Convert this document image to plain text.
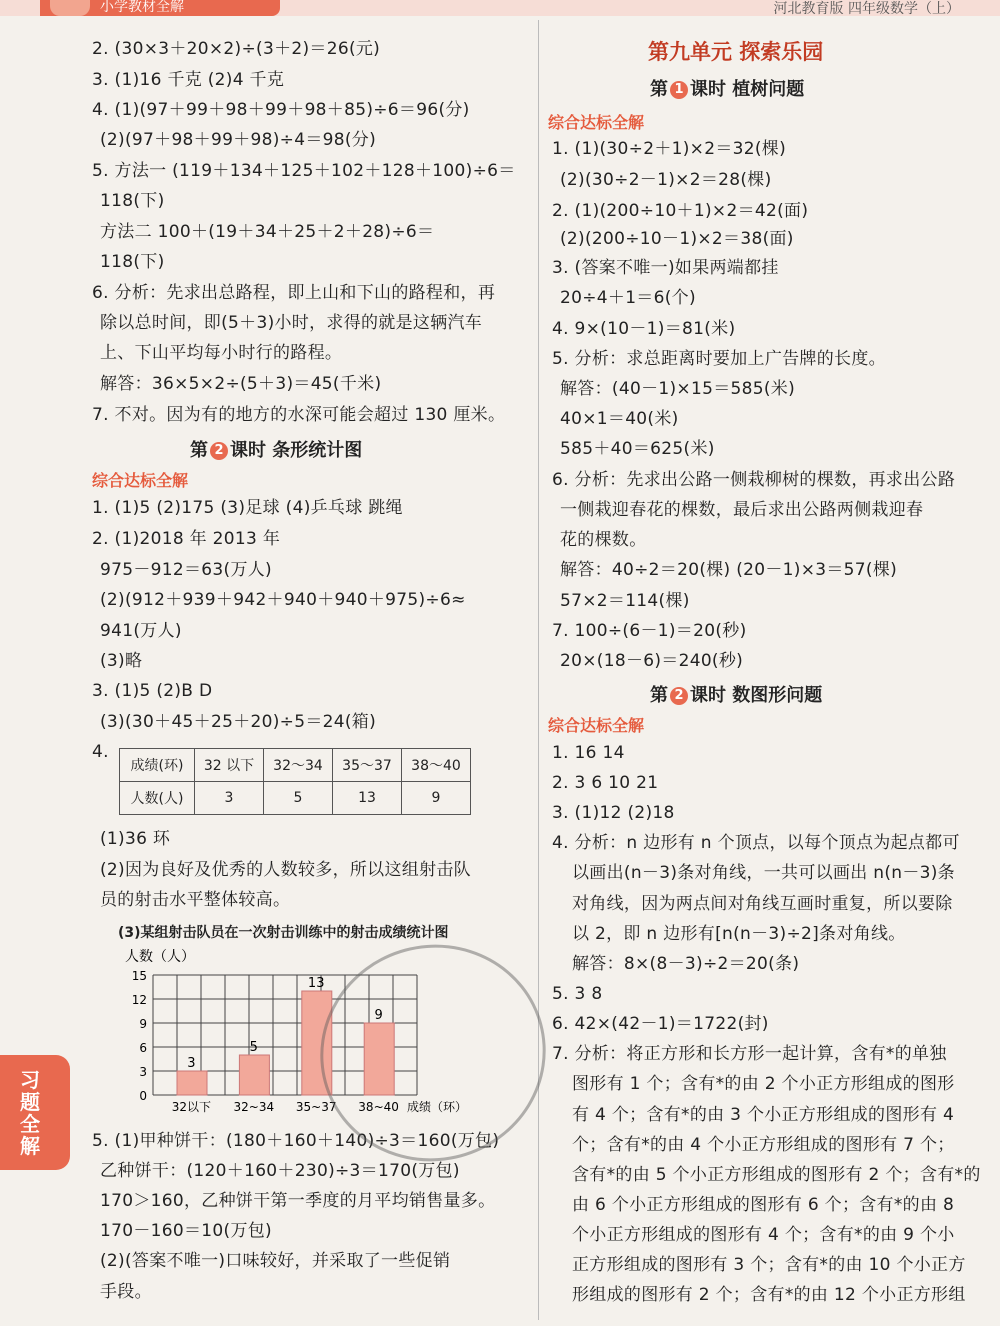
小学教材全解	河北教育版 四年级数学（上）
习题全解
2. (30×3＋20×2)÷(3＋2)＝26(元)
3. (1)16 千克 (2)4 千克
4. (1)(97＋99＋98＋99＋98＋85)÷6＝96(分)
(2)(97＋98＋99＋98)÷4＝98(分)
5. 方法一 (119＋134＋125＋102＋128＋100)÷6＝
118(下)
方法二 100＋(19＋34＋25＋2＋28)÷6＝
118(下)
6. 分析：先求出总路程，即上山和下山的路程和，再
除以总时间，即(5＋3)小时，求得的就是这辆汽车
上、下山平均每小时行的路程。
解答：36×5×2÷(5＋3)＝45(千米)
7. 不对。因为有的地方的水深可能会超过 130 厘米。
第 2 课时 条形统计图
综合达标全解
1. (1)5 (2)175 (3)足球 (4)乒乓球 跳绳
2. (1)2018 年 2013 年
975－912＝63(万人)
(2)(912＋939＋942＋940＋940＋975)÷6≈
941(万人)
(3)略
3. (1)5 (2)B D
(3)(30＋45＋25＋20)÷5＝24(箱)
4.
(1)36 环
(2)因为良好及优秀的人数较多，所以这组射击队
员的射击水平整体较高。
5. (1)甲种饼干：(180＋160＋140)÷3＝160(万包)
乙种饼干：(120＋160＋230)÷3＝170(万包)
170＞160，乙种饼干第一季度的月平均销售量多。
170－160＝10(万包)
(2)(答案不唯一)口味较好，并采取了一些促销
手段。
成绩(环)	32 以下	32～34	35～37	38～40
人数(人)	3	5	13	9
(3)某组射击队员在一次射击训练中的射击成绩统计图
人数（人）
0
3
6
9
12
15
3
32以下
5
32~34
13
35~37
9
38~40 成绩（环）
第九单元 探索乐园
第 1 课时 植树问题
综合达标全解
1. (1)(30÷2＋1)×2＝32(棵)
(2)(30÷2－1)×2＝28(棵)
2. (1)(200÷10＋1)×2＝42(面)
(2)(200÷10－1)×2＝38(面)
3. (答案不唯一)如果两端都挂
20÷4＋1＝6(个)
4. 9×(10－1)＝81(米)
5. 分析：求总距离时要加上广告牌的长度。
解答：(40－1)×15＝585(米)
40×1＝40(米)
585＋40＝625(米)
6. 分析：先求出公路一侧栽柳树的棵数，再求出公路
一侧栽迎春花的棵数，最后求出公路两侧栽迎春
花的棵数。
解答：40÷2＝20(棵) (20－1)×3＝57(棵)
57×2＝114(棵)
7. 100÷(6－1)＝20(秒)
20×(18－6)＝240(秒)
第 2 课时 数图形问题
综合达标全解
1. 16 14
2. 3 6 10 21
3. (1)12 (2)18
4. 分析：n 边形有 n 个顶点，以每个顶点为起点都可
以画出(n－3)条对角线，一共可以画出 n(n－3)条
对角线，因为两点间对角线互画时重复，所以要除
以 2，即 n 边形有[n(n－3)÷2]条对角线。
解答：8×(8－3)÷2＝20(条)
5. 3 8
6. 42×(42－1)＝1722(封)
7. 分析：将正方形和长方形一起计算，含有*的单独
图形有 1 个；含有*的由 2 个小正方形组成的图形
有 4 个；含有*的由 3 个小正方形组成的图形有 4
个；含有*的由 4 个小正方形组成的图形有 7 个；
含有*的由 5 个小正方形组成的图形有 2 个；含有*的
由 6 个小正方形组成的图形有 6 个；含有*的由 8
个小正方形组成的图形有 4 个；含有*的由 9 个小
正方形组成的图形有 3 个；含有*的由 10 个小正方
形组成的图形有 2 个；含有*的由 12 个小正方形组
